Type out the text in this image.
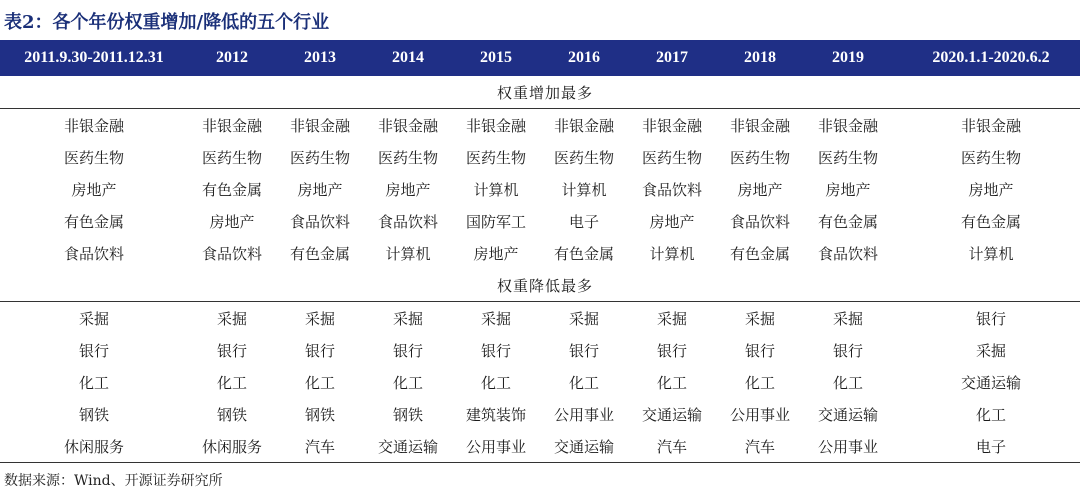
表2：各个年份权重增加/降低的五个行业
2011.9.30-2011.12.31	2012	2013	2014	2015	2016	2017	2018	2019	2020.1.1-2020.6.2
权重增加最多									
非银金融	非银金融	非银金融	非银金融	非银金融	非银金融	非银金融	非银金融	非银金融	非银金融
医药生物	医药生物	医药生物	医药生物	医药生物	医药生物	医药生物	医药生物	医药生物	医药生物
房地产	有色金属	房地产	房地产	计算机	计算机	食品饮料	房地产	房地产	房地产
有色金属	房地产	食品饮料	食品饮料	国防军工	电子	房地产	食品饮料	有色金属	有色金属
食品饮料	食品饮料	有色金属	计算机	房地产	有色金属	计算机	有色金属	食品饮料	计算机
权重降低最多									
采掘	采掘	采掘	采掘	采掘	采掘	采掘	采掘	采掘	银行
银行	银行	银行	银行	银行	银行	银行	银行	银行	采掘
化工	化工	化工	化工	化工	化工	化工	化工	化工	交通运输
钢铁	钢铁	钢铁	钢铁	建筑装饰	公用事业	交通运输	公用事业	交通运输	化工
休闲服务	休闲服务	汽车	交通运输	公用事业	交通运输	汽车	汽车	公用事业	电子
数据来源：Wind、开源证券研究所
